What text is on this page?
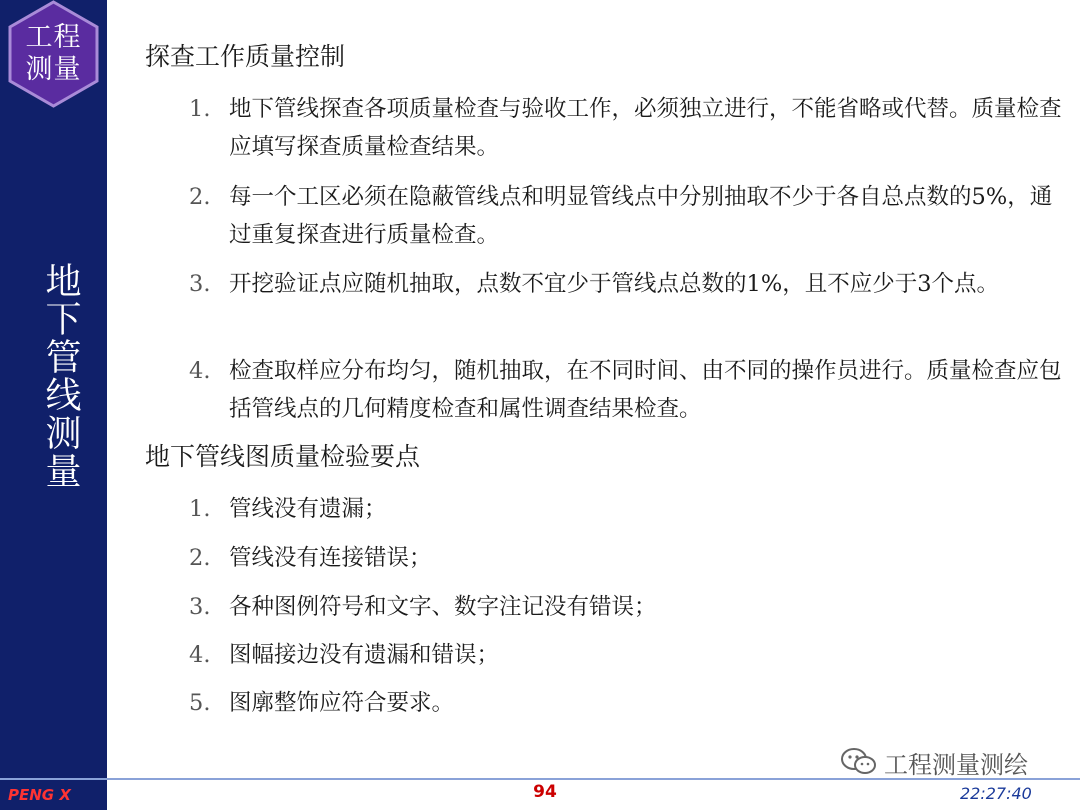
工程
测量
地下管线测量
探查工作质量控制
1. 地下管线探查各项质量检查与验收工作，必须独立进行，不能省略或代替。质量检查应填写探查质量检查结果。
2. 每一个工区必须在隐蔽管线点和明显管线点中分别抽取不少于各自总点数的5%，通过重复探查进行质量检查。
3. 开挖验证点应随机抽取，点数不宜少于管线点总数的1%，且不应少于3个点。
4. 检查取样应分布均匀，随机抽取，在不同时间、由不同的操作员进行。质量检查应包括管线点的几何精度检查和属性调查结果检查。
地下管线图质量检验要点
1. 管线没有遗漏；
2. 管线没有连接错误；
3. 各种图例符号和文字、数字注记没有错误；
4. 图幅接边没有遗漏和错误；
5. 图廓整饰应符合要求。
工程测量测绘
PENG X	94	22:27:40
